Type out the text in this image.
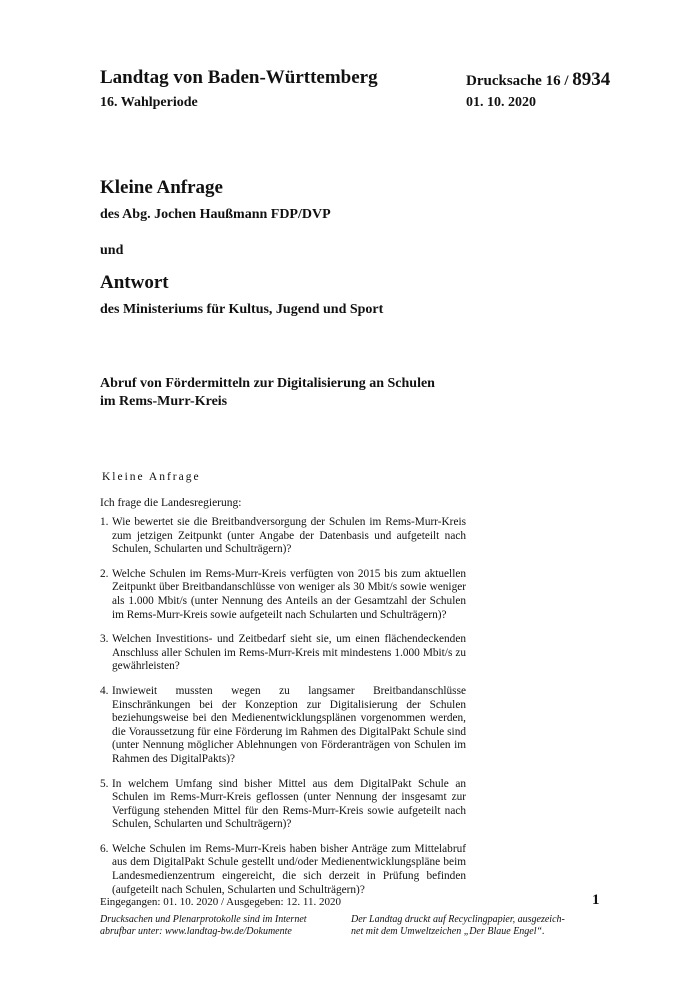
Landtag von Baden-Württemberg	Drucksache 16 / 8934
16. Wahlperiode	01. 10. 2020
Kleine Anfrage
des Abg. Jochen Haußmann FDP/DVP
und
Antwort
des Ministeriums für Kultus, Jugend und Sport
Abruf von Fördermitteln zur Digitalisierung an Schulen
im Rems-Murr-Kreis
Kleine Anfrage
Ich frage die Landesregierung:
1. Wie bewertet sie die Breitbandversorgung der Schulen im Rems-Murr-Kreis zum jetzigen Zeitpunkt (unter Angabe der Datenbasis und aufgeteilt nach Schulen, Schularten und Schulträgern)?
2. Welche Schulen im Rems-Murr-Kreis verfügten von 2015 bis zum aktuellen Zeitpunkt über Breitbandanschlüsse von weniger als 30 Mbit/s sowie weniger als 1.000 Mbit/s (unter Nennung des Anteils an der Gesamtzahl der Schulen im Rems-Murr-Kreis sowie aufgeteilt nach Schularten und Schulträgern)?
3. Welchen Investitions- und Zeitbedarf sieht sie, um einen flächendeckenden Anschluss aller Schulen im Rems-Murr-Kreis mit mindestens 1.000 Mbit/s zu gewährleisten?
4. Inwieweit mussten wegen zu langsamer Breitbandanschlüsse Einschränkungen bei der Konzeption zur Digitalisierung der Schulen beziehungsweise bei den Medienentwicklungsplänen vorgenommen werden, die Voraussetzung für eine Förderung im Rahmen des DigitalPakt Schule sind (unter Nennung möglicher Ablehnungen von Förderanträgen von Schulen im Rahmen des DigitalPakts)?
5. In welchem Umfang sind bisher Mittel aus dem DigitalPakt Schule an Schulen im Rems-Murr-Kreis geflossen (unter Nennung der insgesamt zur Verfügung stehenden Mittel für den Rems-Murr-Kreis sowie aufgeteilt nach Schulen, Schularten und Schulträgern)?
6. Welche Schulen im Rems-Murr-Kreis haben bisher Anträge zum Mittelabruf aus dem DigitalPakt Schule gestellt und/oder Medienentwicklungspläne beim Landesmedienzentrum eingereicht, die sich derzeit in Prüfung befinden (aufgeteilt nach Schulen, Schularten und Schulträgern)?
Eingegangen: 01. 10. 2020 / Ausgegeben: 12. 11. 2020	1
Drucksachen und Plenarprotokolle sind im Internet
abrufbar unter: www.landtag-bw.de/Dokumente
Der Landtag druckt auf Recyclingpapier, ausgezeich-
net mit dem Umweltzeichen „Der Blaue Engel“.
